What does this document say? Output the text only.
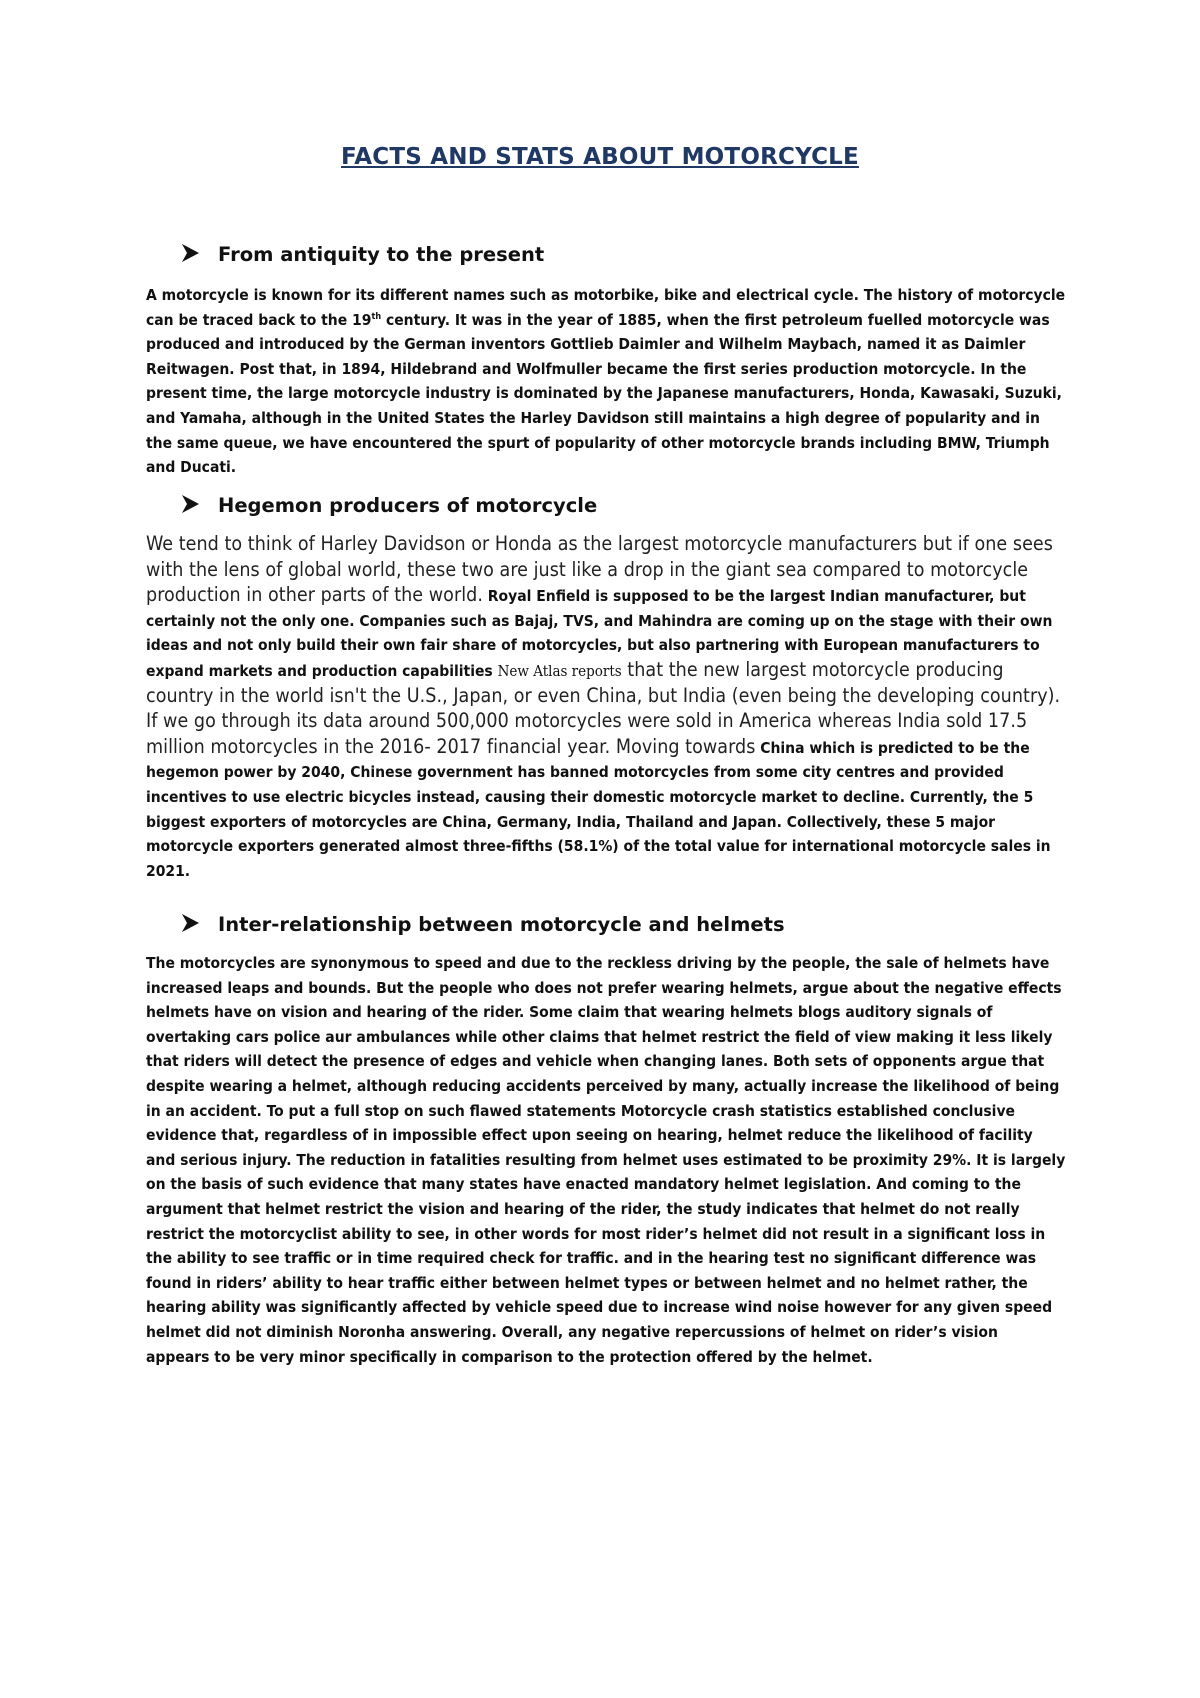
FACTS AND STATS ABOUT MOTORCYCLE
From antiquity to the present
A motorcycle is known for its different names such as motorbike, bike and electrical cycle. The history of motorcycle can be traced back to the 19th century. It was in the year of 1885, when the first petroleum fuelled motorcycle was produced and introduced by the German inventors Gottlieb Daimler and Wilhelm Maybach, named it as Daimler Reitwagen. Post that, in 1894, Hildebrand and Wolfmuller became the first series production motorcycle. In the present time, the large motorcycle industry is dominated by the Japanese manufacturers, Honda, Kawasaki, Suzuki, and Yamaha, although in the United States the Harley Davidson still maintains a high degree of popularity and in the same queue, we have encountered the spurt of popularity of other motorcycle brands including BMW, Triumph and Ducati.
Hegemon producers of motorcycle
We tend to think of Harley Davidson or Honda as the largest motorcycle manufacturers but if one sees with the lens of global world, these two are just like a drop in the giant sea compared to motorcycle production in other parts of the world. Royal Enfield is supposed to be the largest Indian manufacturer, but certainly not the only one. Companies such as Bajaj, TVS, and Mahindra are coming up on the stage with their own ideas and not only build their own fair share of motorcycles, but also partnering with European manufacturers to expand markets and production capabilities New Atlas reports that the new largest motorcycle producing country in the world isn't the U.S., Japan, or even China, but India (even being the developing country). If we go through its data around 500,000 motorcycles were sold in America whereas India sold 17.5 million motorcycles in the 2016- 2017 financial year. Moving towards China which is predicted to be the hegemon power by 2040, Chinese government has banned motorcycles from some city centres and provided incentives to use electric bicycles instead, causing their domestic motorcycle market to decline. Currently, the 5 biggest exporters of motorcycles are China, Germany, India, Thailand and Japan. Collectively, these 5 major motorcycle exporters generated almost three-fifths (58.1%) of the total value for international motorcycle sales in 2021.
Inter-relationship between motorcycle and helmets
The motorcycles are synonymous to speed and due to the reckless driving by the people, the sale of helmets have increased leaps and bounds. But the people who does not prefer wearing helmets, argue about the negative effects helmets have on vision and hearing of the rider. Some claim that wearing helmets blogs auditory signals of overtaking cars police aur ambulances while other claims that helmet restrict the field of view making it less likely that riders will detect the presence of edges and vehicle when changing lanes. Both sets of opponents argue that despite wearing a helmet, although reducing accidents perceived by many, actually increase the likelihood of being in an accident. To put a full stop on such flawed statements Motorcycle crash statistics established conclusive evidence that, regardless of in impossible effect upon seeing on hearing, helmet reduce the likelihood of facility and serious injury. The reduction in fatalities resulting from helmet uses estimated to be proximity 29%. It is largely on the basis of such evidence that many states have enacted mandatory helmet legislation. And coming to the argument that helmet restrict the vision and hearing of the rider, the study indicates that helmet do not really restrict the motorcyclist ability to see, in other words for most rider’s helmet did not result in a significant loss in the ability to see traffic or in time required check for traffic. and in the hearing test no significant difference was found in riders’ ability to hear traffic either between helmet types or between helmet and no helmet rather, the hearing ability was significantly affected by vehicle speed due to increase wind noise however for any given speed helmet did not diminish Noronha answering. Overall, any negative repercussions of helmet on rider’s vision appears to be very minor specifically in comparison to the protection offered by the helmet.
